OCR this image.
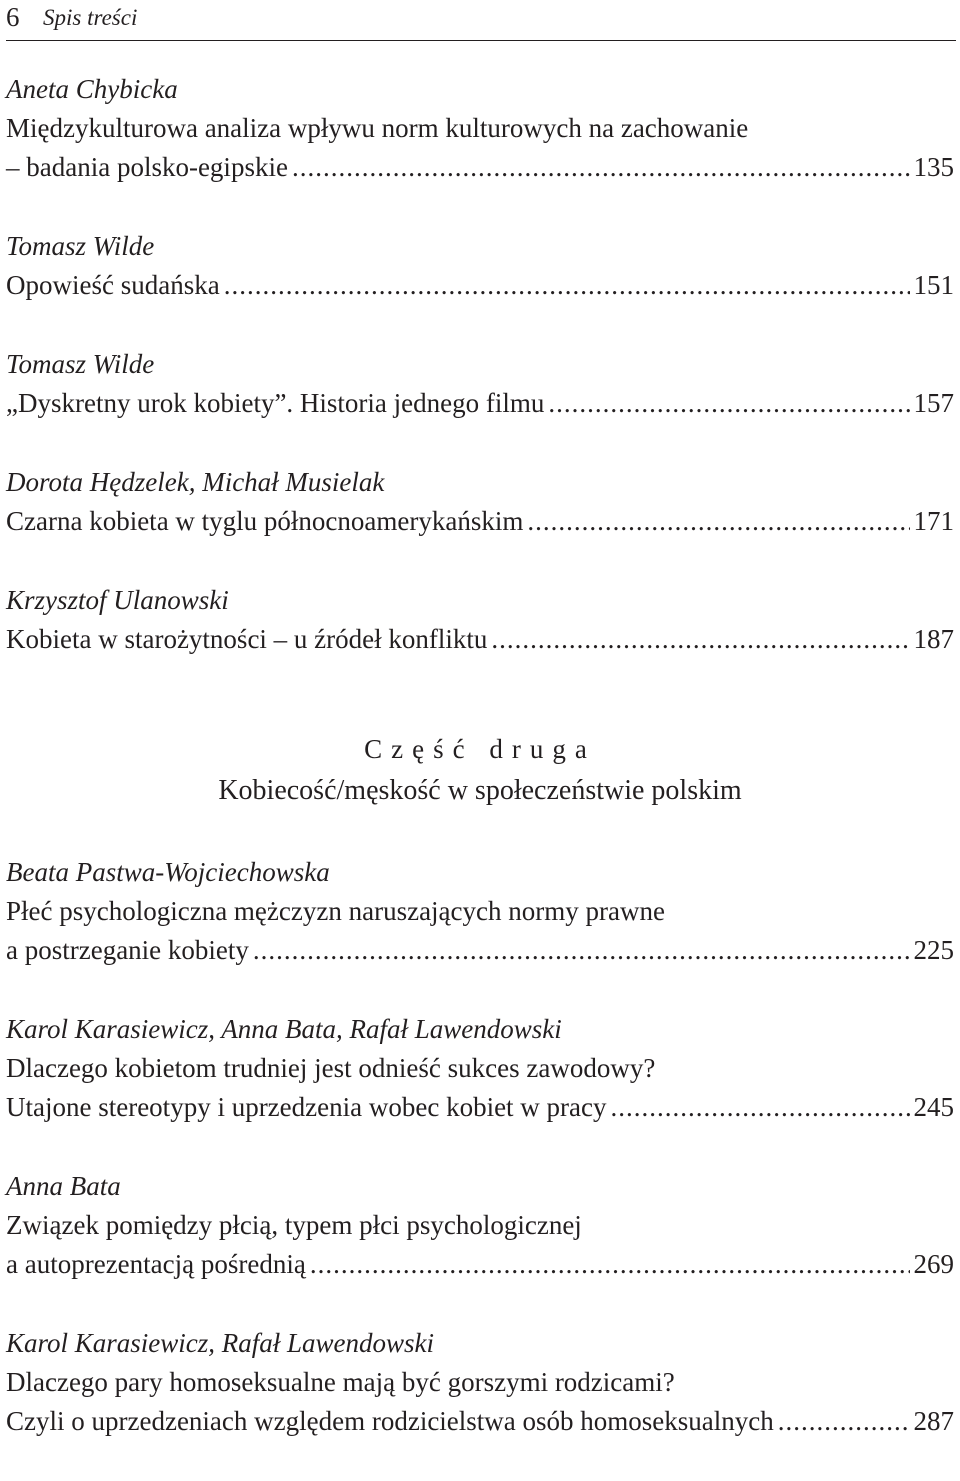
6 Spis treści
Aneta Chybicka
Międzykulturowa analiza wpływu norm kulturowych na zachowanie
– badania polsko-egipskie .....	135
Tomasz Wilde
Opowieść sudańska .....	151
Tomasz Wilde
„Dyskretny urok kobiety”. Historia jednego filmu .....	157
Dorota Hędzelek, Michał Musielak
Czarna kobieta w tyglu północnoamerykańskim .....	171
Krzysztof Ulanowski
Kobieta w starożytności – u źródeł konfliktu .....	187
Część druga
Kobiecość/męskość w społeczeństwie polskim
Beata Pastwa-Wojciechowska
Płeć psychologiczna mężczyzn naruszających normy prawne
a postrzeganie kobiety .....	225
Karol Karasiewicz, Anna Bata, Rafał Lawendowski
Dlaczego kobietom trudniej jest odnieść sukces zawodowy?
Utajone stereotypy i uprzedzenia wobec kobiet w pracy .....	245
Anna Bata
Związek pomiędzy płcią, typem płci psychologicznej
a autoprezentacją pośrednią .....	269
Karol Karasiewicz, Rafał Lawendowski
Dlaczego pary homoseksualne mają być gorszymi rodzicami?
Czyli o uprzedzeniach względem rodzicielstwa osób homoseksualnych .....	287
